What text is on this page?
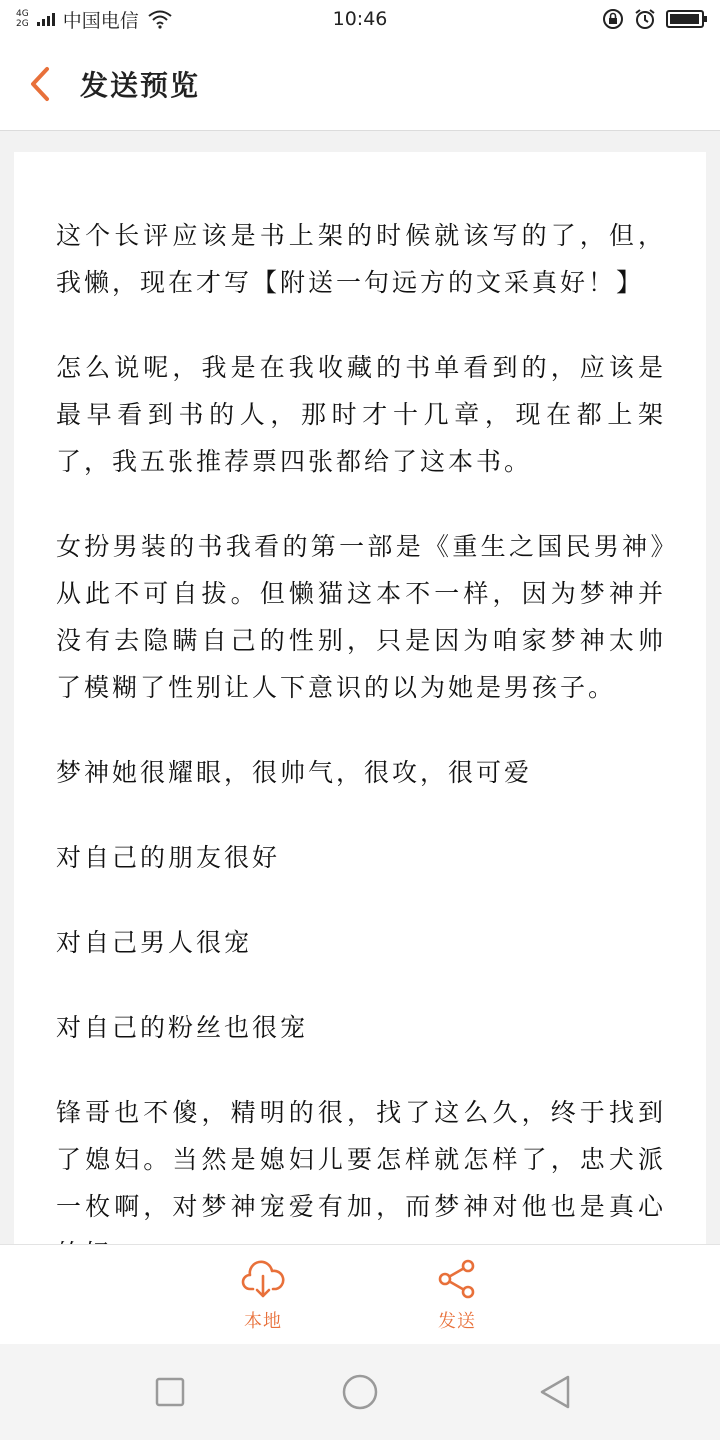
4G
2G 中国电信	10:46
发送预览

这个长评应该是书上架的时候就该写的了，但，我懒，现在才写【附送一句远方的文采真好！】

怎么说呢，我是在我收藏的书单看到的，应该是最早看到书的人，那时才十几章，现在都上架了，我五张推荐票四张都给了这本书。

女扮男装的书我看的第一部是《重生之国民男神》从此不可自拔。但懒猫这本不一样，因为梦神并没有去隐瞒自己的性别，只是因为咱家梦神太帅了模糊了性别让人下意识的以为她是男孩子。

梦神她很耀眼，很帅气，很攻，很可爱

对自己的朋友很好

对自己男人很宠

对自己的粉丝也很宠

锋哥也不傻，精明的很，找了这么久，终于找到了媳妇。当然是媳妇儿要怎样就怎样了，忠犬派一枚啊，对梦神宠爱有加，而梦神对他也是真心

本地	发送
